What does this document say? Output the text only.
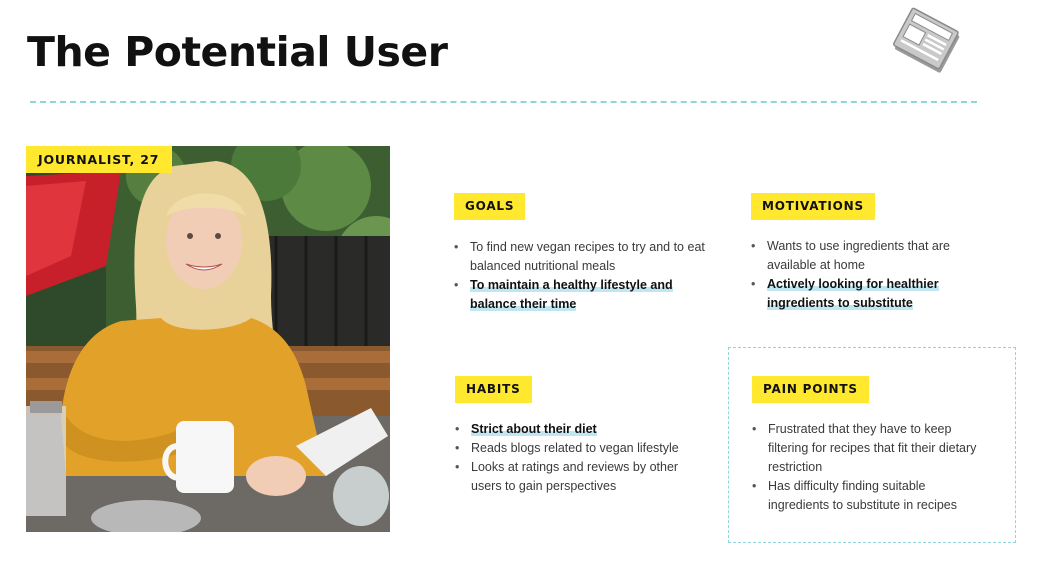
The Potential User
JOURNALIST, 27
GOALS
• To find new vegan recipes to try and to eat balanced nutritional meals
• To maintain a healthy lifestyle and balance their time
MOTIVATIONS
• Wants to use ingredients that are available at home
• Actively looking for healthier ingredients to substitute
HABITS
• Strict about their diet
• Reads blogs related to vegan lifestyle
• Looks at ratings and reviews by other users to gain perspectives
PAIN POINTS
• Frustrated that they have to keep filtering for recipes that fit their dietary restriction
• Has difficulty finding suitable ingredients to substitute in recipes
